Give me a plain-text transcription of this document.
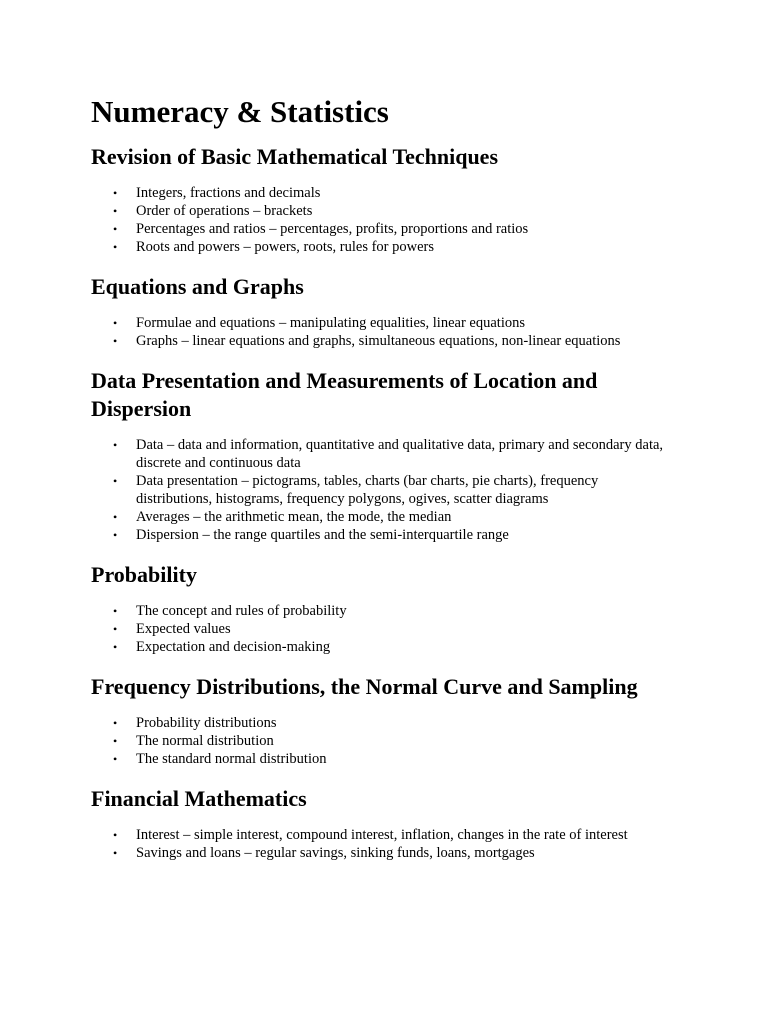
Numeracy & Statistics
Revision of Basic Mathematical Techniques
• Integers, fractions and decimals
• Order of operations – brackets
• Percentages and ratios – percentages, profits, proportions and ratios
• Roots and powers – powers, roots, rules for powers
Equations and Graphs
• Formulae and equations – manipulating equalities, linear equations
• Graphs – linear equations and graphs, simultaneous equations, non-linear equations
Data Presentation and Measurements of Location and Dispersion
• Data – data and information, quantitative and qualitative data, primary and secondary data, discrete and continuous data
• Data presentation – pictograms, tables, charts (bar charts, pie charts), frequency distributions, histograms, frequency polygons, ogives, scatter diagrams
• Averages – the arithmetic mean, the mode, the median
• Dispersion – the range quartiles and the semi-interquartile range
Probability
• The concept and rules of probability
• Expected values
• Expectation and decision-making
Frequency Distributions, the Normal Curve and Sampling
• Probability distributions
• The normal distribution
• The standard normal distribution
Financial Mathematics
• Interest – simple interest, compound interest, inflation, changes in the rate of interest
• Savings and loans – regular savings, sinking funds, loans, mortgages
